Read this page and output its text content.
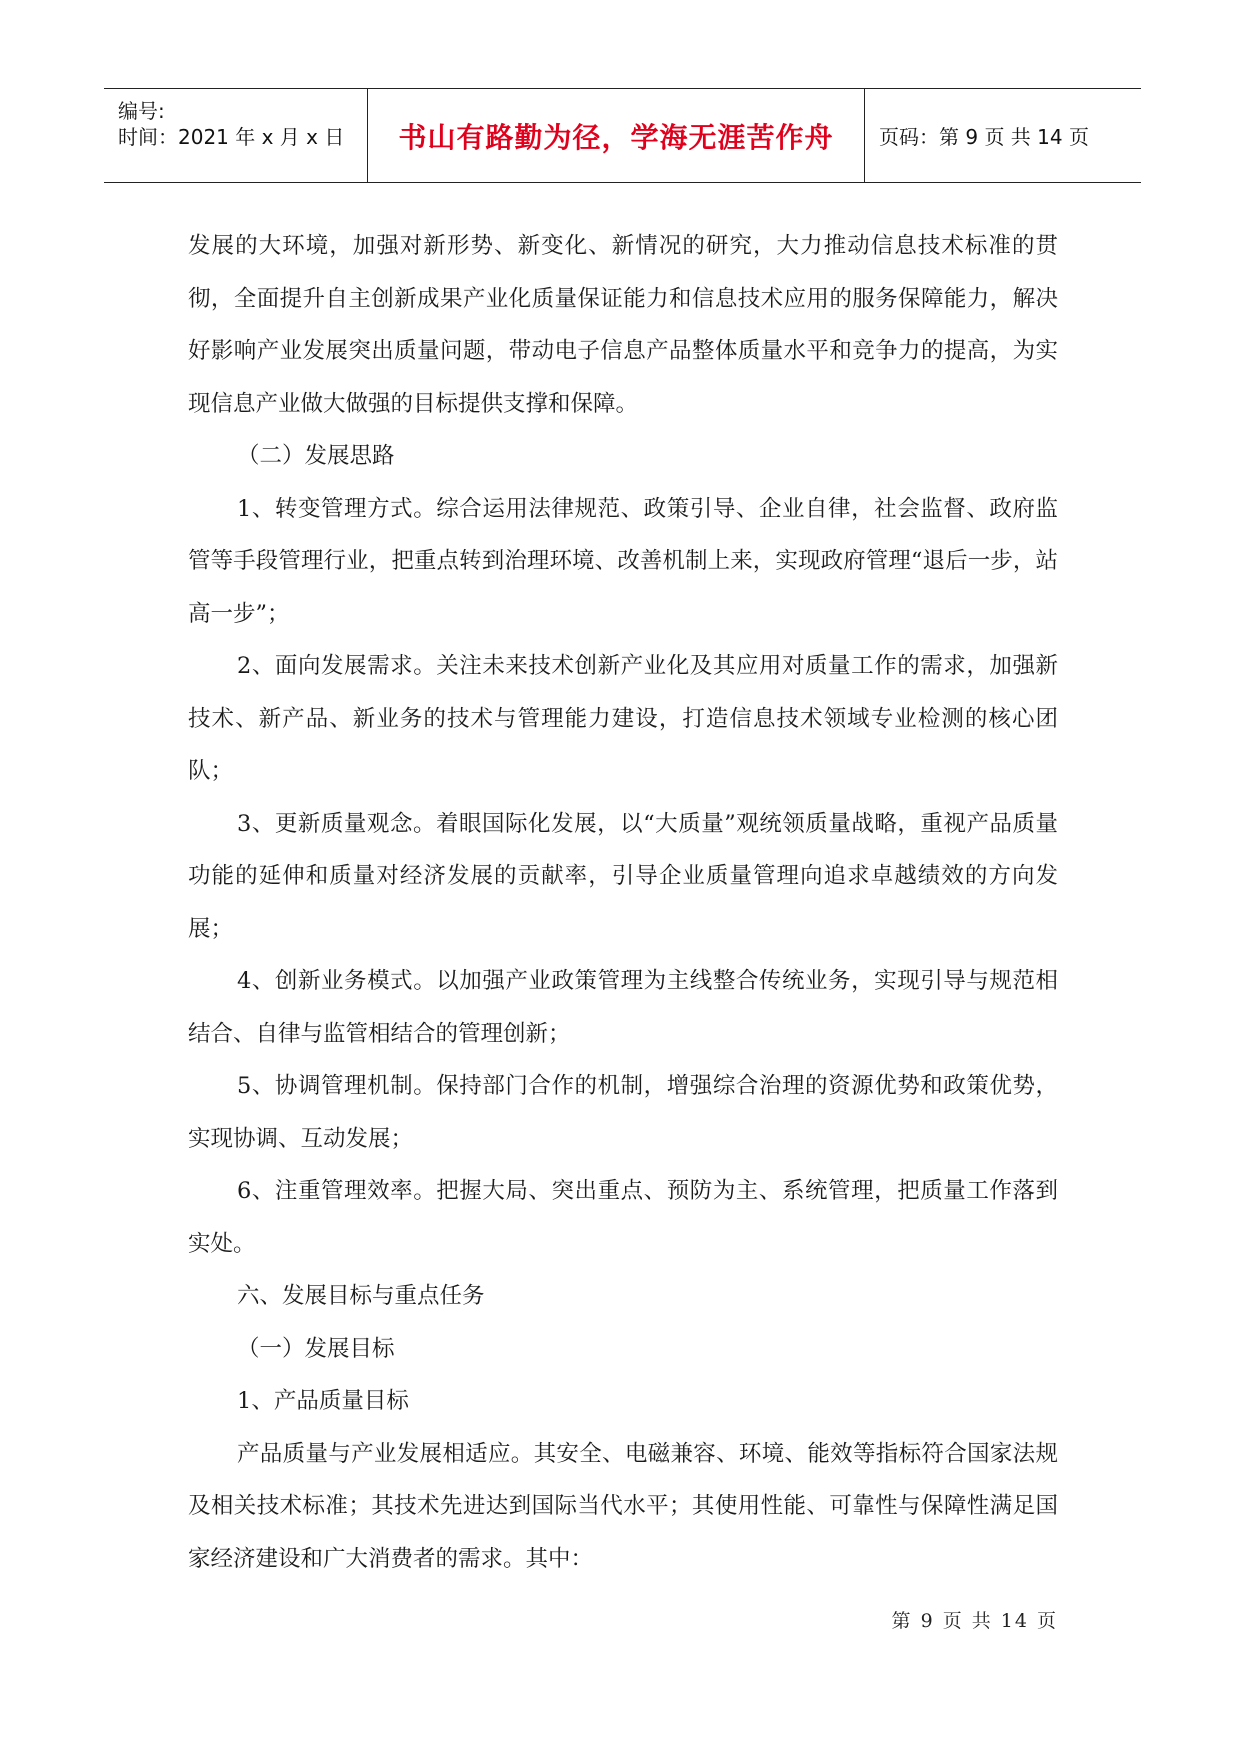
编号:
时间：2021 年 x 月 x 日 书山有路勤为径，学海无涯苦作舟	页码：第 9 页 共 14 页

发展的大环境，加强对新形势、新变化、新情况的研究，大力推动信息技术标准的贯彻，全面提升自主创新成果产业化质量保证能力和信息技术应用的服务保障能力，解决好影响产业发展突出质量问题，带动电子信息产品整体质量水平和竞争力的提高，为实现信息产业做大做强的目标提供支撑和保障。

（二）发展思路

1、转变管理方式。综合运用法律规范、政策引导、企业自律，社会监督、政府监管等手段管理行业，把重点转到治理环境、改善机制上来，实现政府管理“退后一步，站高一步”；

2、面向发展需求。关注未来技术创新产业化及其应用对质量工作的需求，加强新技术、新产品、新业务的技术与管理能力建设，打造信息技术领域专业检测的核心团队；

3、更新质量观念。着眼国际化发展，以“大质量”观统领质量战略，重视产品质量功能的延伸和质量对经济发展的贡献率，引导企业质量管理向追求卓越绩效的方向发展；

4、创新业务模式。以加强产业政策管理为主线整合传统业务，实现引导与规范相结合、自律与监管相结合的管理创新；

5、协调管理机制。保持部门合作的机制，增强综合治理的资源优势和政策优势，实现协调、互动发展；

6、注重管理效率。把握大局、突出重点、预防为主、系统管理，把质量工作落到实处。

六、发展目标与重点任务

（一）发展目标

1、产品质量目标

产品质量与产业发展相适应。其安全、电磁兼容、环境、能效等指标符合国家法规及相关技术标准；其技术先进达到国际当代水平；其使用性能、可靠性与保障性满足国家经济建设和广大消费者的需求。其中：

第 9 页 共 14 页
